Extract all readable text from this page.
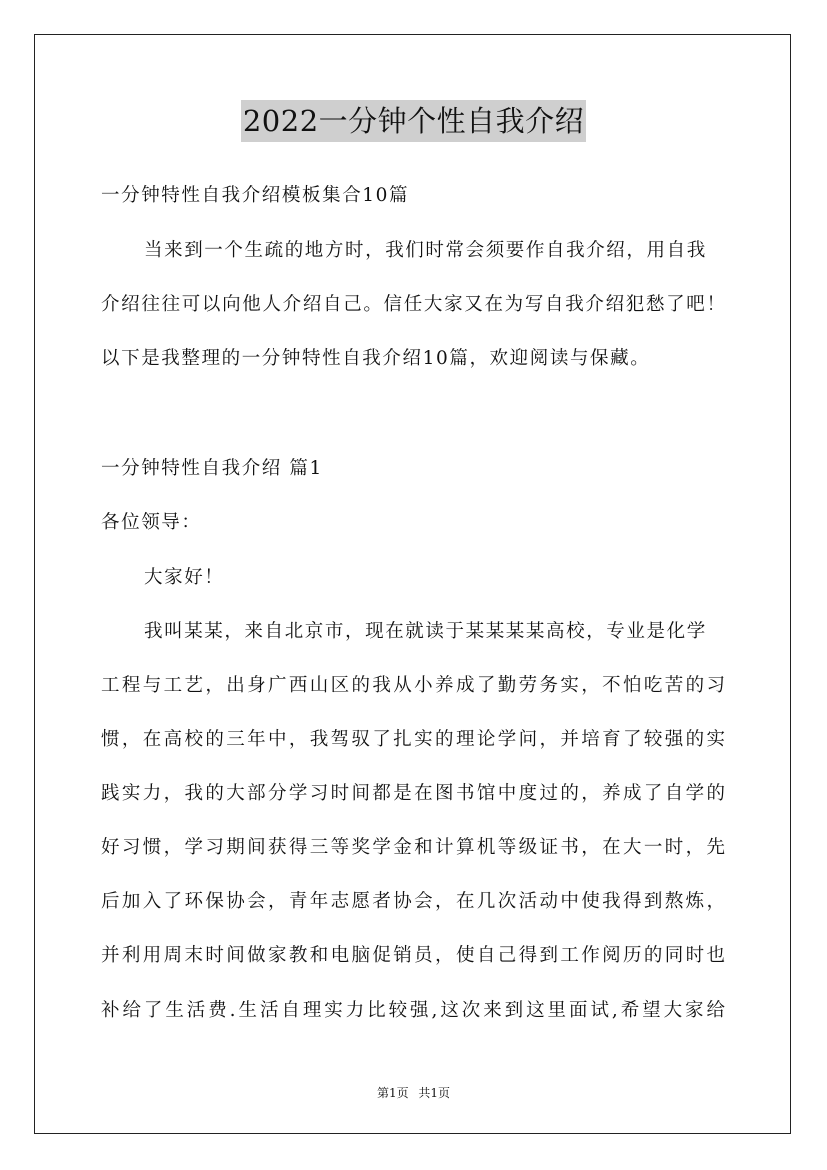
2022一分钟个性自我介绍
一分钟特性自我介绍模板集合10篇
当来到一个生疏的地方时，我们时常会须要作自我介绍，用自我
介绍往往可以向他人介绍自己。信任大家又在为写自我介绍犯愁了吧！
以下是我整理的一分钟特性自我介绍10篇，欢迎阅读与保藏。
一分钟特性自我介绍 篇1
各位领导：
大家好！
我叫某某，来自北京市，现在就读于某某某某高校，专业是化学
工程与工艺，出身广西山区的我从小养成了勤劳务实，不怕吃苦的习
惯，在高校的三年中，我驾驭了扎实的理论学问，并培育了较强的实
践实力，我的大部分学习时间都是在图书馆中度过的，养成了自学的
好习惯，学习期间获得三等奖学金和计算机等级证书，在大一时，先
后加入了环保协会，青年志愿者协会，在几次活动中使我得到熬炼，
并利用周末时间做家教和电脑促销员，使自己得到工作阅历的同时也
补给了生活费.生活自理实力比较强,这次来到这里面试,希望大家给
第1页 共1页
